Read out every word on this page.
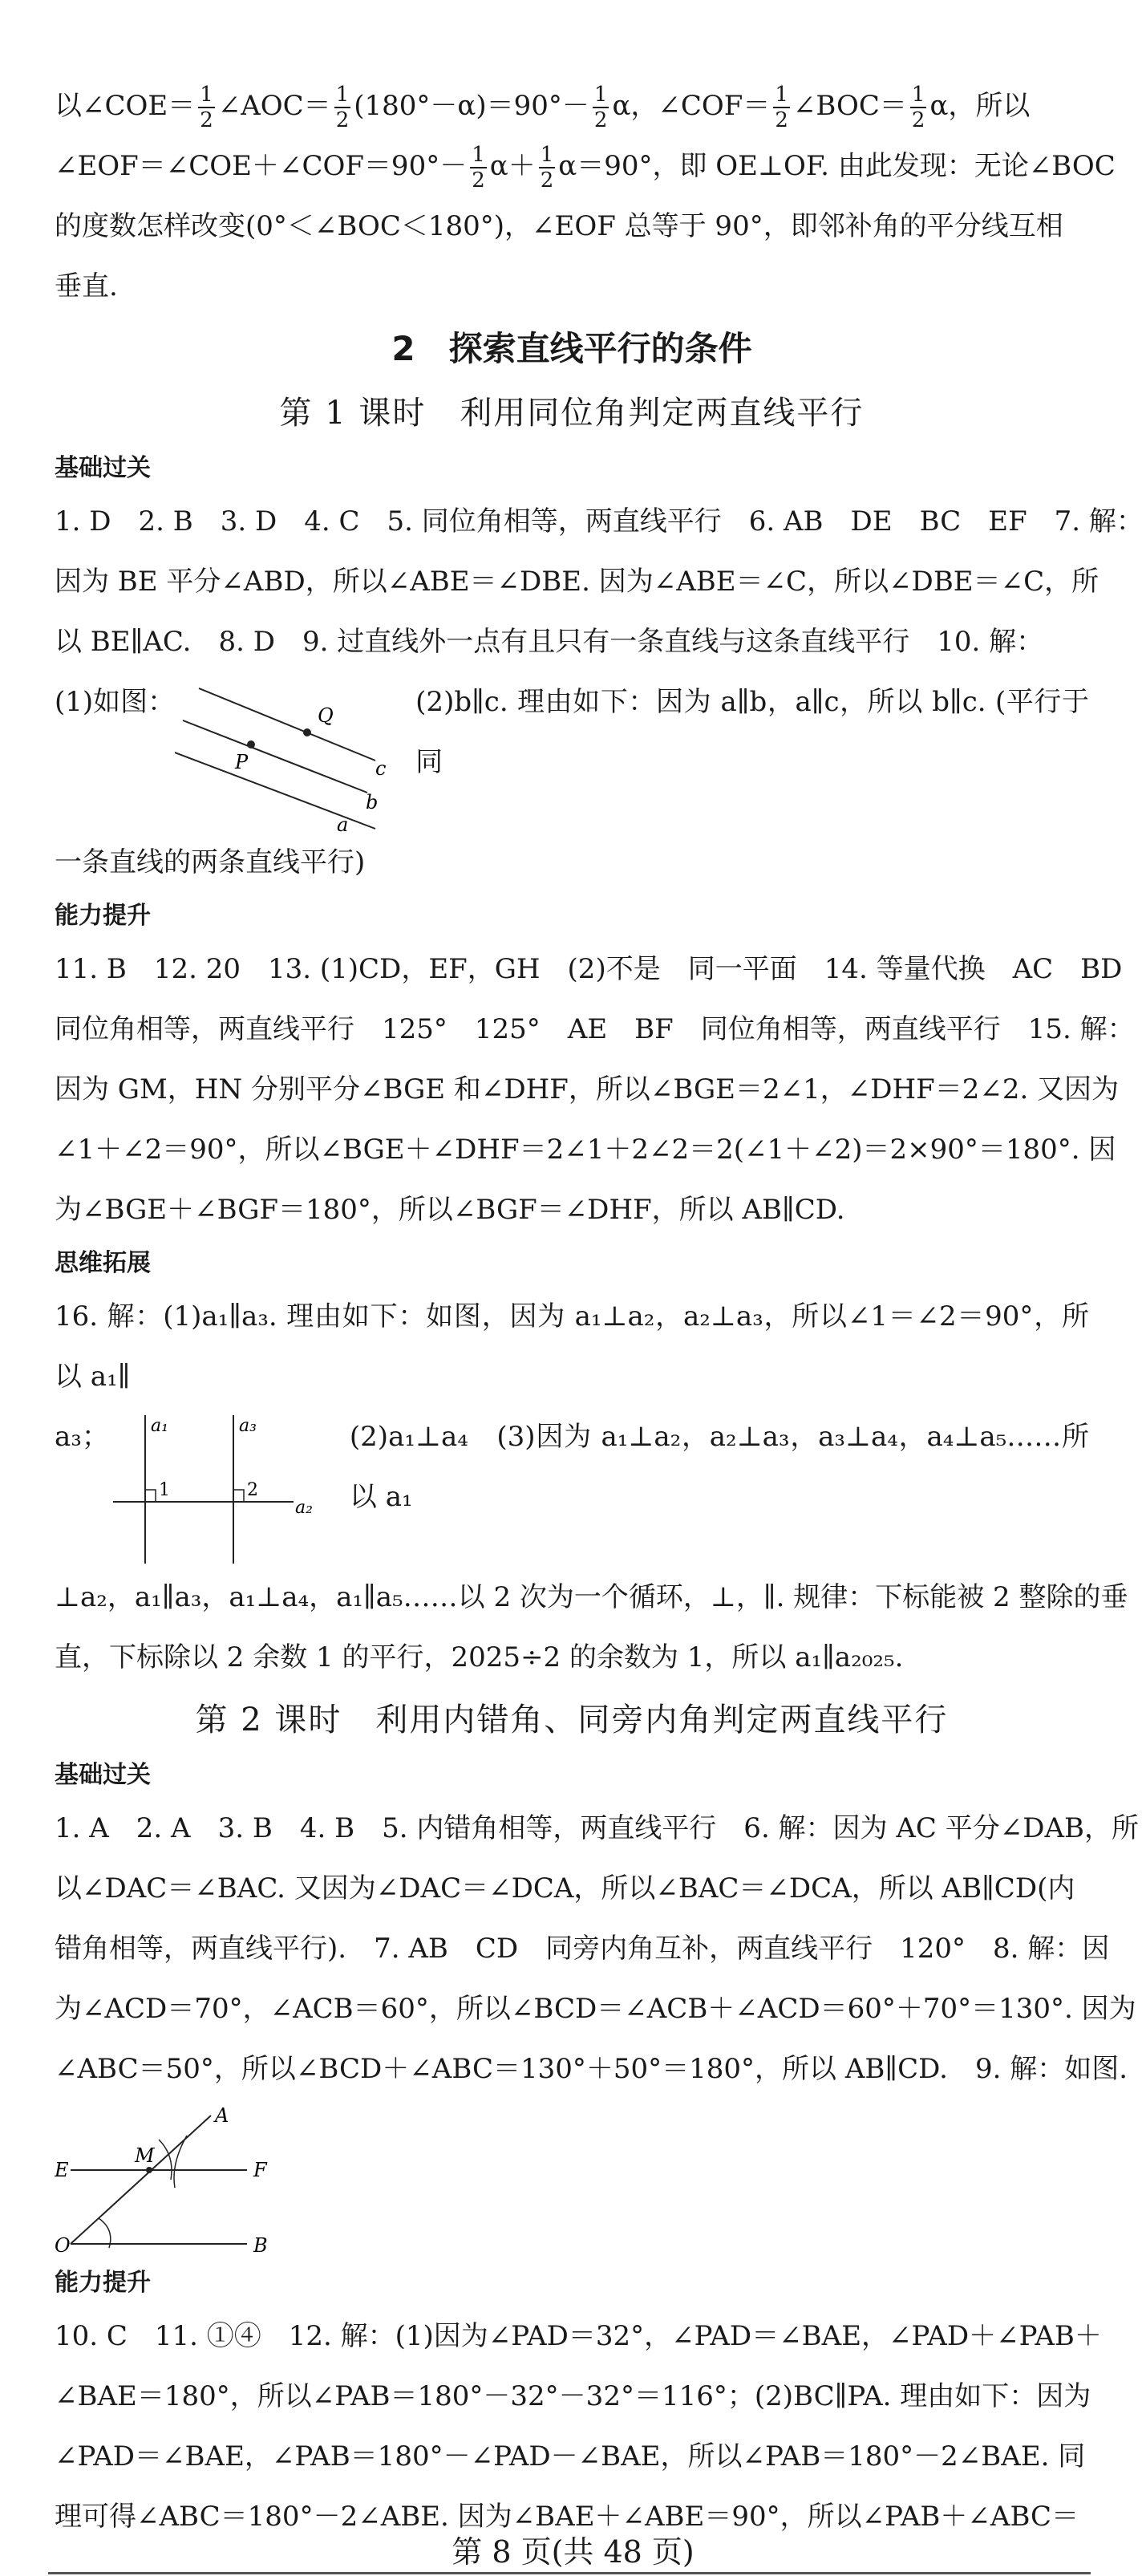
以∠COE＝ $\frac{1}{2}$ ∠AOC＝ $\frac{1}{2} (180^\circ-\alpha)=90^\circ- \frac{1}{2}$ α，∠COF＝ $\frac{1}{2}$ ∠BOC＝ $\frac{1}{2}$ α，所以
∠EOF＝∠COE＋∠COF＝90°－ $\frac{1}{2} \alpha+ \frac{1}{2} \alpha=90^\circ$，即 OE⊥OF. 由此发现：无论∠BOC
的度数怎样改变(0°＜∠BOC＜180°)，∠EOF 总等于 90°，即邻补角的平分线互相
垂直.

2　探索直线平行的条件

第 1 课时　利用同位角判定两直线平行

基础过关

1. D　2. B　3. D　4. C　5. 同位角相等，两直线平行　6. AB　DE　BC　EF　7. 解：
因为 BE 平分∠ABD，所以∠ABE＝∠DBE. 因为∠ABE＝∠C，所以∠DBE＝∠C，所
以 BE∥AC.　8. D　9. 过直线外一点有且只有一条直线与这条直线平行　10. 解：

(1)如图：	Q
P	c
b
a
(2)b∥c. 理由如下：因为 a∥b，a∥c，所以 b∥c. (平行于同

一条直线的两条直线平行)

能力提升

11. B　12. 20　13. (1)CD，EF，GH　(2)不是　同一平面　14. 等量代换　AC　BD
同位角相等，两直线平行　125°　125°　AE　BF　同位角相等，两直线平行　15. 解：
因为 GM，HN 分别平分∠BGE 和∠DHF，所以∠BGE＝2∠1，∠DHF＝2∠2. 又因为
∠1＋∠2＝90°，所以∠BGE＋∠DHF＝2∠1＋2∠2＝2(∠1＋∠2)＝2×90°＝180°. 因
为∠BGE＋∠BGF＝180°，所以∠BGF＝∠DHF，所以 AB∥CD.

思维拓展

16. 解：(1)a₁∥a₃. 理由如下：如图，因为 a₁⊥a₂，a₂⊥a₃，所以∠1＝∠2＝90°，所以 a₁∥

a₃； a₁	a₃
1	2
a₂
(2)a₁⊥a₄　(3)因为 a₁⊥a₂，a₂⊥a₃，a₃⊥a₄，a₄⊥a₅……所以 a₁

⊥a₂，a₁∥a₃，a₁⊥a₄，a₁∥a₅……以 2 次为一个循环，⊥，∥. 规律：下标能被 2 整除的垂
直，下标除以 2 余数 1 的平行，2025÷2 的余数为 1，所以 a₁∥a₂₀₂₅.

第 2 课时　利用内错角、同旁内角判定两直线平行

基础过关

1. A　2. A　3. B　4. B　5. 内错角相等，两直线平行　6. 解：因为 AC 平分∠DAB，所
以∠DAC＝∠BAC. 又因为∠DAC＝∠DCA，所以∠BAC＝∠DCA，所以 AB∥CD(内
错角相等，两直线平行).　7. AB　CD　同旁内角互补，两直线平行　120°　8. 解：因
为∠ACD＝70°，∠ACB＝60°，所以∠BCD＝∠ACB＋∠ACD＝60°＋70°＝130°. 因为
∠ABC＝50°，所以∠BCD＋∠ABC＝130°＋50°＝180°，所以 AB∥CD.　9. 解：如图.

A
M
E	F
O	B

能力提升

10. C　11. ①④　12. 解：(1)因为∠PAD＝32°，∠PAD＝∠BAE，∠PAD＋∠PAB＋
∠BAE＝180°，所以∠PAB＝180°－32°－32°＝116°；(2)BC∥PA. 理由如下：因为
∠PAD＝∠BAE，∠PAB＝180°－∠PAD－∠BAE，所以∠PAB＝180°－2∠BAE. 同
理可得∠ABC＝180°－2∠ABE. 因为∠BAE＋∠ABE＝90°，所以∠PAB＋∠ABC＝

第 8 页(共 48 页)
